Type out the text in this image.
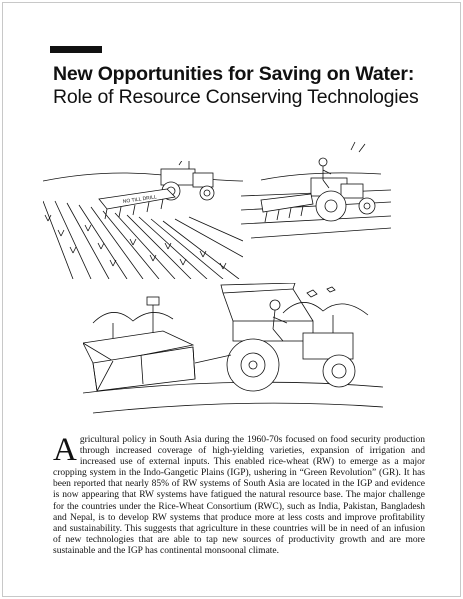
New Opportunities for Saving on Water: Role of Resource Conserving Technologies
NO TILL DRILL

Agricultural policy in South Asia during the 1960-70s focused on food security production through increased coverage of high-yielding varieties, expansion of irrigation and increased use of external inputs. This enabled rice-wheat (RW) to emerge as a major cropping system in the Indo-Gangetic Plains (IGP), ushering in “Green Revolution” (GR). It has been reported that nearly 85% of RW systems of South Asia are located in the IGP and evidence is now appearing that RW systems have fatigued the natural resource base. The major challenge for the countries under the Rice-Wheat Consortium (RWC), such as India, Pakistan, Bangladesh and Nepal, is to develop RW systems that produce more at less costs and improve profitability and sustainability. This suggests that agriculture in these countries will be in need of an infusion of new technologies that are able to tap new sources of productivity growth and are more sustainable and the IGP has continental monsoonal climate.
